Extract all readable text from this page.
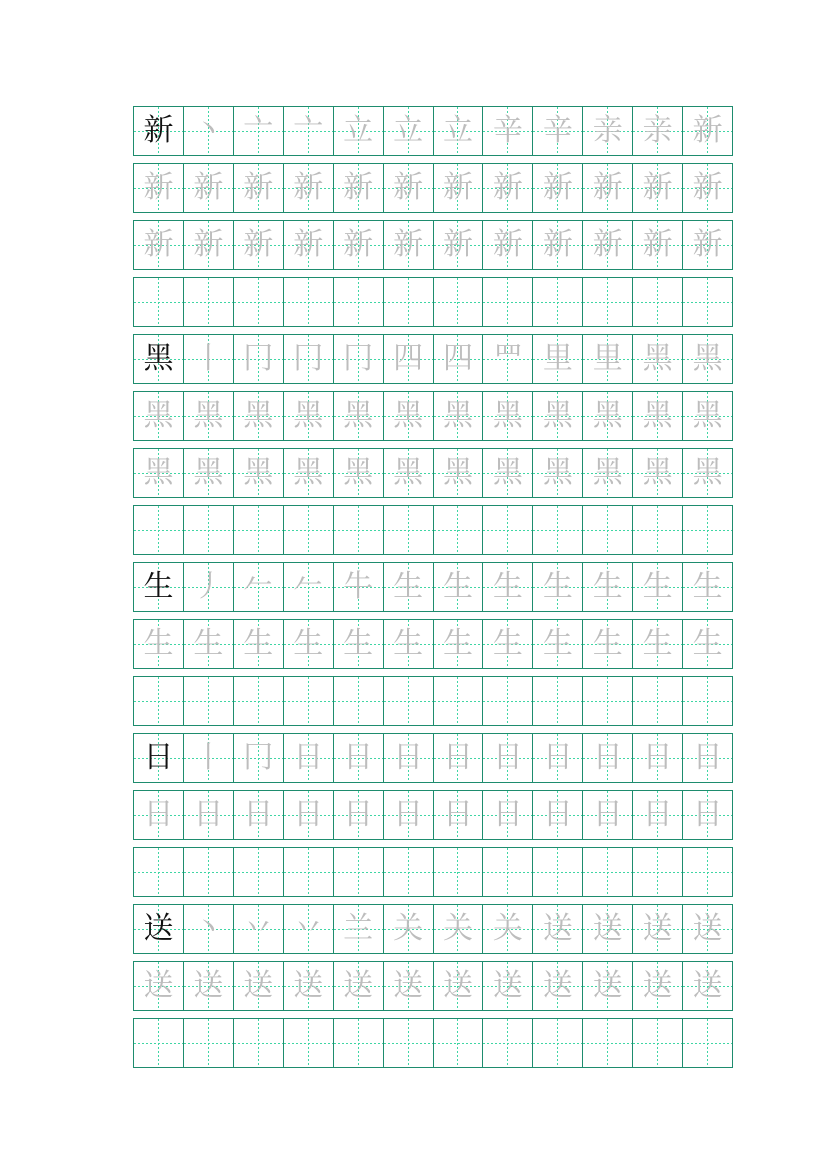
新 丶 亠 亠 立 立 立 辛 辛 亲 亲 新
新 新 新 新 新 新 新 新 新 新 新 新
新 新 新 新 新 新 新 新 新 新 新 新
黑 丨 冂 冂 冂 四 四 罒 里 里 黑 黑
黑 黑 黑 黑 黑 黑 黑 黑 黑 黑 黑 黑
黑 黑 黑 黑 黑 黑 黑 黑 黑 黑 黑 黑
生 丿 𠂉 𠂉 牛 生 生 生 生 生 生 生
生 生 生 生 生 生 生 生 生 生 生 生
日 丨 冂 日 日 日 日 日 日 日 日 日
日 日 日 日 日 日 日 日 日 日 日 日
送 丶 丷 丷 兰 关 关 关 送 送 送 送
送 送 送 送 送 送 送 送 送 送 送 送
